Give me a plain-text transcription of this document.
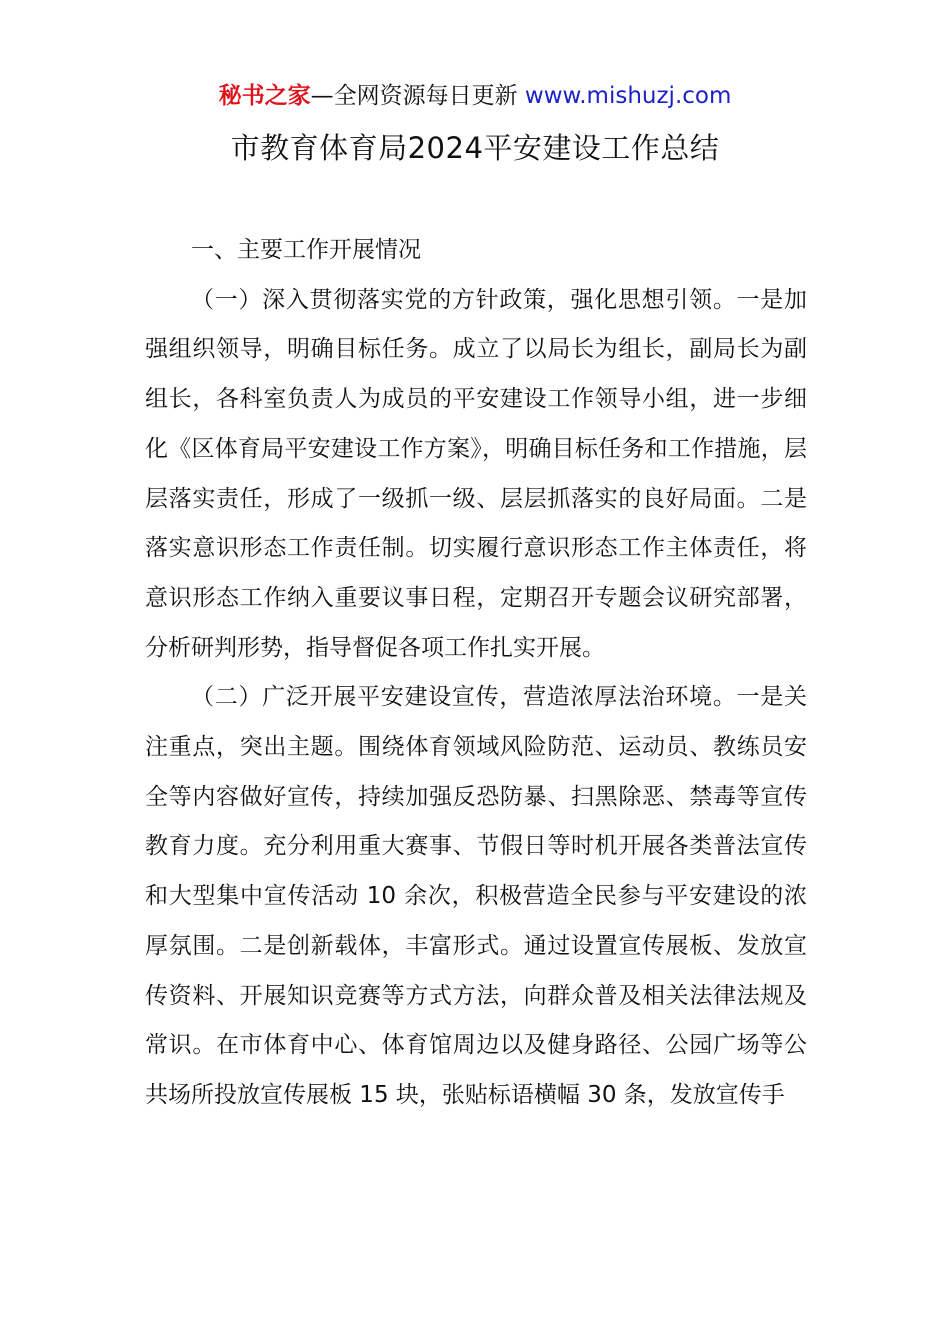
秘书之家—全网资源每日更新 www.mishuzj.com
市教育体育局2024平安建设工作总结

一、主要工作开展情况

（一）深入贯彻落实党的方针政策，强化思想引领。一是加强组织领导，明确目标任务。成立了以局长为组长，副局长为副组长，各科室负责人为成员的平安建设工作领导小组，进一步细化《区体育局平安建设工作方案》，明确目标任务和工作措施，层层落实责任，形成了一级抓一级、层层抓落实的良好局面。二是落实意识形态工作责任制。切实履行意识形态工作主体责任，将意识形态工作纳入重要议事日程，定期召开专题会议研究部署，分析研判形势，指导督促各项工作扎实开展。

（二）广泛开展平安建设宣传，营造浓厚法治环境。一是关注重点，突出主题。围绕体育领域风险防范、运动员、教练员安全等内容做好宣传，持续加强反恐防暴、扫黑除恶、禁毒等宣传教育力度。充分利用重大赛事、节假日等时机开展各类普法宣传和大型集中宣传活动 10 余次，积极营造全民参与平安建设的浓厚氛围。二是创新载体，丰富形式。通过设置宣传展板、发放宣传资料、开展知识竞赛等方式方法，向群众普及相关法律法规及常识。在市体育中心、体育馆周边以及健身路径、公园广场等公共场所投放宣传展板 15 块，张贴标语横幅 30 条，发放宣传手
